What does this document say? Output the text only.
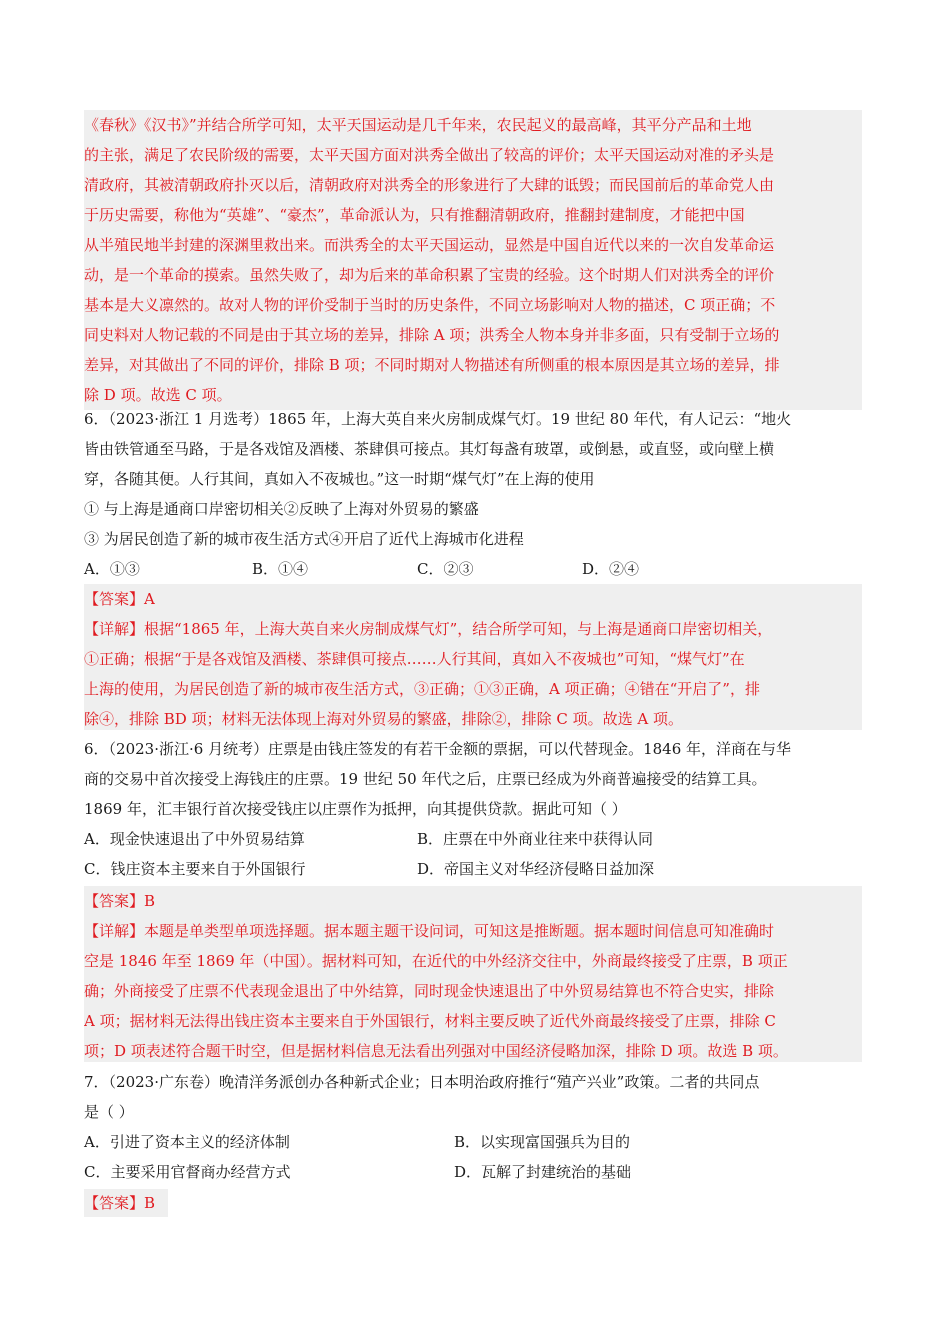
《春秋》《汉书》”并结合所学可知，太平天国运动是几千年来，农民起义的最高峰，其平分产品和土地
的主张，满足了农民阶级的需要，太平天国方面对洪秀全做出了较高的评价；太平天国运动对准的矛头是
清政府，其被清朝政府扑灭以后，清朝政府对洪秀全的形象进行了大肆的诋毁；而民国前后的革命党人由
于历史需要，称他为“英雄”、“豪杰”，革命派认为，只有推翻清朝政府，推翻封建制度，才能把中国
从半殖民地半封建的深渊里救出来。而洪秀全的太平天国运动，显然是中国自近代以来的一次自发革命运
动，是一个革命的摸索。虽然失败了，却为后来的革命积累了宝贵的经验。这个时期人们对洪秀全的评价
基本是大义凛然的。故对人物的评价受制于当时的历史条件，不同立场影响对人物的描述，C 项正确；不
同史料对人物记载的不同是由于其立场的差异，排除 A 项；洪秀全人物本身并非多面，只有受制于立场的
差异，对其做出了不同的评价，排除 B 项；不同时期对人物描述有所侧重的根本原因是其立场的差异，排
除 D 项。故选 C 项。
6．（2023·浙江 1 月选考）1865 年，上海大英自来火房制成煤气灯。19 世纪 80 年代，有人记云：“地火
皆由铁管通至马路，于是各戏馆及酒楼、茶肆俱可接点。其灯每盏有玻罩，或倒悬，或直竖，或向壁上横
穿，各随其便。人行其间，真如入不夜城也。”这一时期“煤气灯”在上海的使用
① 与上海是通商口岸密切相关②反映了上海对外贸易的繁盛
③ 为居民创造了新的城市夜生活方式④开启了近代上海城市化进程
A．①③	B．①④	C．②③	D．②④
【答案】A
【详解】根据“1865 年，上海大英自来火房制成煤气灯”，结合所学可知，与上海是通商口岸密切相关，
①正确；根据“于是各戏馆及酒楼、茶肆俱可接点……人行其间，真如入不夜城也”可知，“煤气灯”在
上海的使用，为居民创造了新的城市夜生活方式，③正确；①③正确，A 项正确；④错在“开启了”，排
除④，排除 BD 项；材料无法体现上海对外贸易的繁盛，排除②，排除 C 项。故选 A 项。
6．（2023·浙江·6 月统考）庄票是由钱庄签发的有若干金额的票据，可以代替现金。1846 年，洋商在与华
商的交易中首次接受上海钱庄的庄票。19 世纪 50 年代之后，庄票已经成为外商普遍接受的结算工具。
1869 年，汇丰银行首次接受钱庄以庄票作为抵押，向其提供贷款。据此可知（ ）
A．现金快速退出了中外贸易结算	B．庄票在中外商业往来中获得认同
C．钱庄资本主要来自于外国银行	D．帝国主义对华经济侵略日益加深
【答案】B
【详解】本题是单类型单项选择题。据本题主题干设问词，可知这是推断题。据本题时间信息可知准确时
空是 1846 年至 1869 年（中国）。据材料可知，在近代的中外经济交往中，外商最终接受了庄票，B 项正
确；外商接受了庄票不代表现金退出了中外结算，同时现金快速退出了中外贸易结算也不符合史实，排除
A 项；据材料无法得出钱庄资本主要来自于外国银行，材料主要反映了近代外商最终接受了庄票，排除 C
项；D 项表述符合题干时空，但是据材料信息无法看出列强对中国经济侵略加深，排除 D 项。故选 B 项。
7．（2023·广东卷）晚清洋务派创办各种新式企业；日本明治政府推行“殖产兴业”政策。二者的共同点
是（ ）
A．引进了资本主义的经济体制	B．以实现富国强兵为目的
C．主要采用官督商办经营方式	D．瓦解了封建统治的基础
【答案】B
